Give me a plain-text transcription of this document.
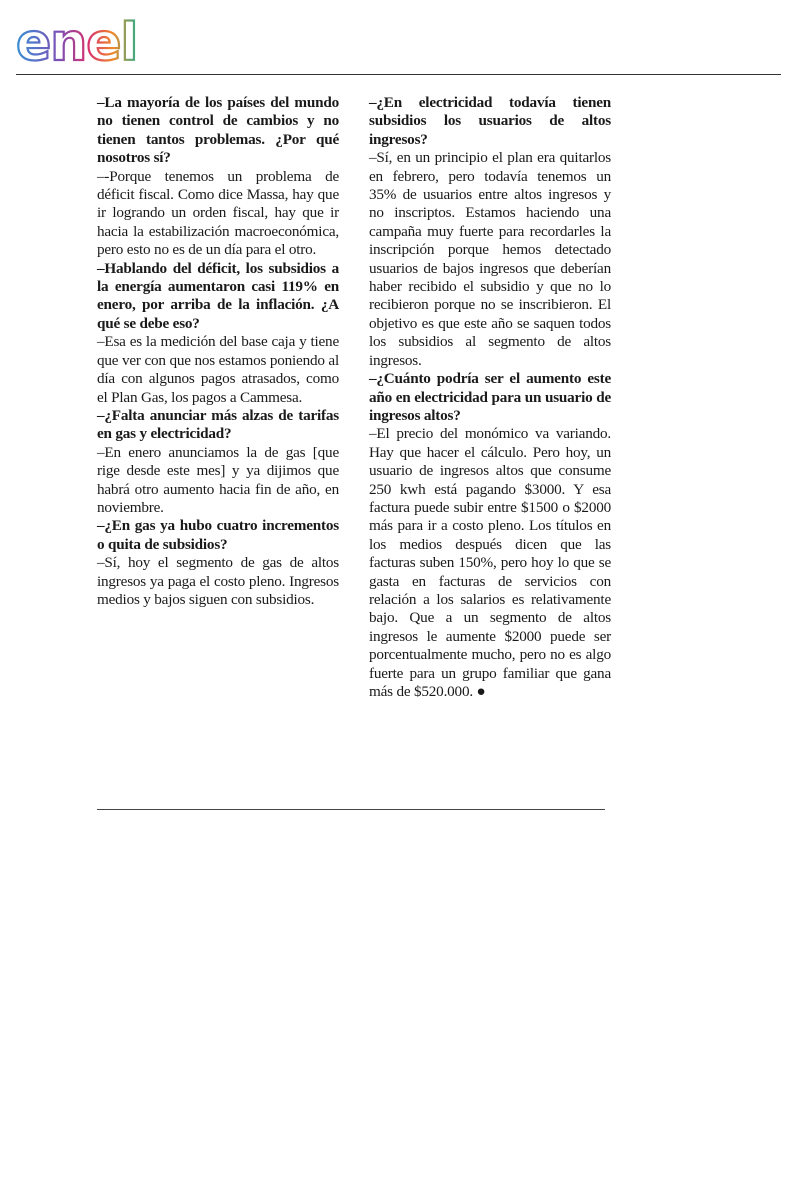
enel

–La mayoría de los países del mundo no tienen control de cambios y no tienen tantos problemas. ¿Por qué nosotros sí?

–-Porque tenemos un problema de déficit fiscal. Como dice Massa, hay que ir logrando un orden fiscal, hay que ir hacia la estabilización macroeconómica, pero esto no es de un día para el otro.

–Hablando del déficit, los subsidios a la energía aumentaron casi 119% en enero, por arriba de la inflación. ¿A qué se debe eso?

–Esa es la medición del base caja y tiene que ver con que nos estamos poniendo al día con algunos pagos atrasados, como el Plan Gas, los pagos a Cammesa.

–¿Falta anunciar más alzas de tarifas en gas y electricidad?

–En enero anunciamos la de gas [que rige desde este mes] y ya dijimos que habrá otro aumento hacia fin de año, en noviembre.

–¿En gas ya hubo cuatro incrementos o quita de subsidios?

–Sí, hoy el segmento de gas de altos ingresos ya paga el costo pleno. Ingresos medios y bajos siguen con subsidios.

–¿En electricidad todavía tienen subsidios los usuarios de altos ingresos?

–Sí, en un principio el plan era quitarlos en febrero, pero todavía tenemos un 35% de usuarios entre altos ingresos y no inscriptos. Estamos haciendo una campaña muy fuerte para recordarles la inscripción porque hemos detectado usuarios de bajos ingresos que deberían haber recibido el subsidio y que no lo recibieron porque no se inscribieron. El objetivo es que este año se saquen todos los subsidios al segmento de altos ingresos.

–¿Cuánto podría ser el aumento este año en electricidad para un usuario de ingresos altos?

–El precio del monómico va variando. Hay que hacer el cálculo. Pero hoy, un usuario de ingresos altos que consume 250 kwh está pagando $3000. Y esa factura puede subir entre $1500 o $2000 más para ir a costo pleno. Los títulos en los medios después dicen que las facturas suben 150%, pero hoy lo que se gasta en facturas de servicios con relación a los salarios es relativamente bajo. Que a un segmento de altos ingresos le aumente $2000 puede ser porcentualmente mucho, pero no es algo fuerte para un grupo familiar que gana más de $520.000. ●
